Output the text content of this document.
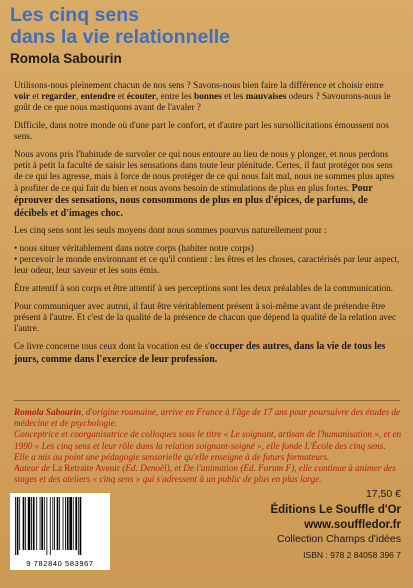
Les cinq sens
dans la vie relationnelle
Romola Sabourin

Utilisons-nous pleinement chacun de nos sens ? Savons-nous bien faire la différence et choisir entre voir et regarder, entendre et écouter, entre les bonnes et les mauvaises odeurs ? Savourons-nous le goût de ce que nous mastiquons avant de l'avaler ?

Difficile, dans notre monde où d'une part le confort, et d'autre part les sursollicitations émoussent nos sens.

Nous avons pris l'habitude de survoler ce qui nous entoure au lieu de nous y plonger, et nous perdons petit à petit la faculté de saisir les sensations dans toute leur plénitude. Certes, il faut protéger nos sens de ce qui les agresse, mais à force de nous protéger de ce qui nous fait mal, nous ne sommes plus aptes à profiter de ce qui fait du bien et nous avons besoin de stimulations de plus en plus fortes. Pour éprouver des sensations, nous consommons de plus en plus d'épices, de parfums, de décibels et d'images choc.

Les cinq sens sont les seuls moyens dont nous sommes pourvus naturellement pour :

• nous situer véritablement dans notre corps (habiter notre corps)
• percevoir le monde environnant et ce qu'il contient : les êtres et les choses, caractérisés par leur aspect, leur odeur, leur saveur et les sons émis.

Être attentif à son corps et être attentif à ses perceptions sont les deux préalables de la communication.

Pour communiquer avec autrui, il faut être véritablement présent à soi-même avant de prétendre être présent à l'autre. Et c'est de la qualité de la présence de chacun que dépend la qualité de la relation avec l'autre.

Ce livre concerne tous ceux dont la vocation est de s'occuper des autres, dans la vie de tous les jours, comme dans l'exercice de leur profession.

Romola Sabourin, d'origine roumaine, arrive en France à l'âge de 17 ans pour poursuivre des études de médecine et de psychologie.

Conceptrice et coorganisatrice de colloques sous le titre « Le soignant, artisan de l'humanisation », et en 1990 « Les cinq sens et leur rôle dans la relation soignant-soigné », elle fonde L'École des cinq sens. Elle a mis au point une pédagogie sensorielle qu'elle enseigne à de futurs formateurs.

Auteur de La Retraite Avenir (Ed. Denoël), et De l'animation (Ed. Forum F), elle continue à animer des stages et des ateliers « cinq sens » qui s'adressent à un public de plus en plus large.

9 782840 583967
17,50 €
Éditions Le Souffle d'Or
www.souffledor.fr
Collection Champs d'idées
ISBN : 978 2 84058 396 7
